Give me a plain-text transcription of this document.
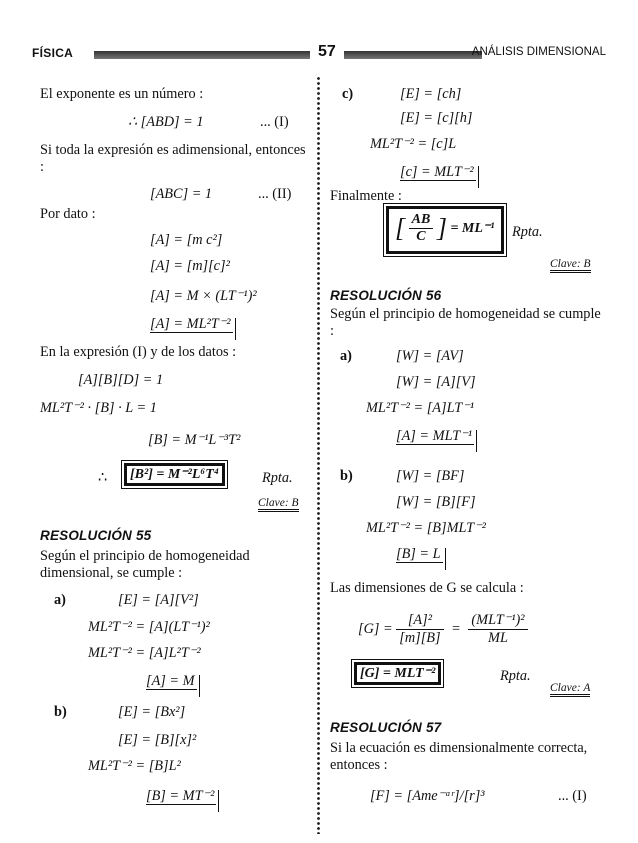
FÍSICA	57	ANÁLISIS DIMENSIONAL
El exponente es un número :
∴ [ABD] = 1	... (I)
Si toda la expresión es adimensional, entonces :
[ABC] = 1	... (II)
Por dato :
[A] = [m c²]
[A] = [m][c]²
[A] = M × (LT⁻¹)²
[A] = ML²T⁻²
En la expresión (I) y de los datos :
[A][B][D] = 1
ML²T⁻² · [B] · L = 1
[B] = M⁻¹L⁻³T²
∴	[B²] = M⁻²L⁶T⁴	Rpta.
Clave: B
RESOLUCIÓN 55
Según el principio de homogeneidad dimensional, se cumple :
a)	[E] = [A][V²]
ML²T⁻² = [A](LT⁻¹)²
ML²T⁻² = [A]L²T⁻²
[A] = M
b)	[E] = [Bx²]
[E] = [B][x]²
ML²T⁻² = [B]L²
[B] = MT⁻²
c)	[E] = [ch]
[E] = [c][h]
ML²T⁻² = [c]L
[c] = MLT⁻²
Finalmente :
[ $\frac{AB}{C}$ ] = ML⁻¹	Rpta.
Clave: B
RESOLUCIÓN 56
Según el principio de homogeneidad se cumple :
a)	[W] = [AV]
[W] = [A][V]
ML²T⁻² = [A]LT⁻¹
[A] = MLT⁻¹
b)	[W] = [BF]
[W] = [B][F]
ML²T⁻² = [B]MLT⁻²
[B] = L
Las dimensiones de G se calcula :
$[G] = \frac{\text{[A]²}}{[m][B]} = \frac{\text{(MLT⁻¹)²}}{ML}$
[G] = MLT⁻²	Rpta.
Clave: A
RESOLUCIÓN 57
Si la ecuación es dimensionalmente correcta, entonces :
[F] = [Ame⁻ᵅʳ]/[r]³	... (I)
